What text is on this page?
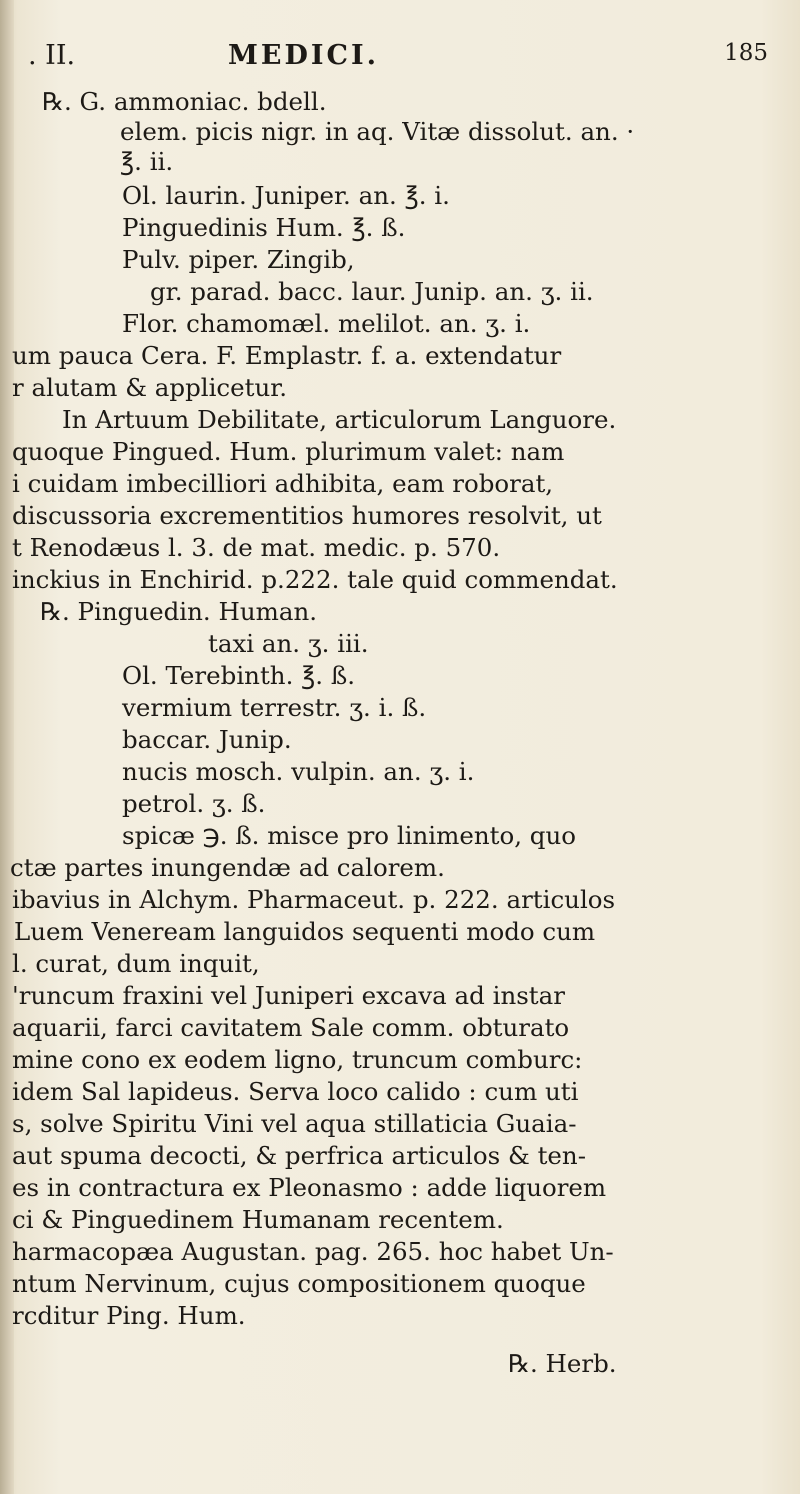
. II.	MEDICI.	185
℞. G. ammoniac. bdell.
elem. picis nigr. in aq. Vitæ dissolut. an. ·
℥. ii.
Ol. laurin. Juniper. an. ℥. i.
Pinguedinis Hum. ℥. ß.
Pulv. piper. Zingib,
gr. parad. bacc. laur. Junip. an. ʒ. ii.
Flor. chamomæl. melilot. an. ʒ. i.
um pauca Cera. F. Emplastr. f. a. extendatur
r alutam & applicetur.
In Artuum Debilitate, articulorum Languore.
quoque Pingued. Hum. plurimum valet: nam
i cuidam imbecilliori adhibita, eam roborat,
discussoria excrementitios humores resolvit, ut
t Renodæus l. 3. de mat. medic. p. 570.
inckius in Enchirid. p.222. tale quid commendat.
℞. Pinguedin. Human.
taxi an. ʒ. iii.
Ol. Terebinth. ℥. ß.
vermium terrestr. ʒ. i. ß.
baccar. Junip.
nucis mosch. vulpin. an. ʒ. i.
petrol. ʒ. ß.
spicæ ℈. ß. misce pro linimento, quo
ctæ partes inungendæ ad calorem.
ibavius in Alchym. Pharmaceut. p. 222. articulos
Luem Veneream languidos sequenti modo cum
l. curat, dum inquit,
'runcum fraxini vel Juniperi excava ad instar
aquarii, farci cavitatem Sale comm. obturato
mine cono ex eodem ligno, truncum comburc:
idem Sal lapideus. Serva loco calido : cum uti
s, solve Spiritu Vini vel aqua stillaticia Guaia-
aut spuma decocti, & perfrica articulos & ten-
es in contractura ex Pleonasmo : adde liquorem
ci & Pinguedinem Humanam recentem.
harmacopæa Augustan. pag. 265. hoc habet Un-
ntum Nervinum, cujus compositionem quoque
rcditur Ping. Hum.
℞. Herb.
